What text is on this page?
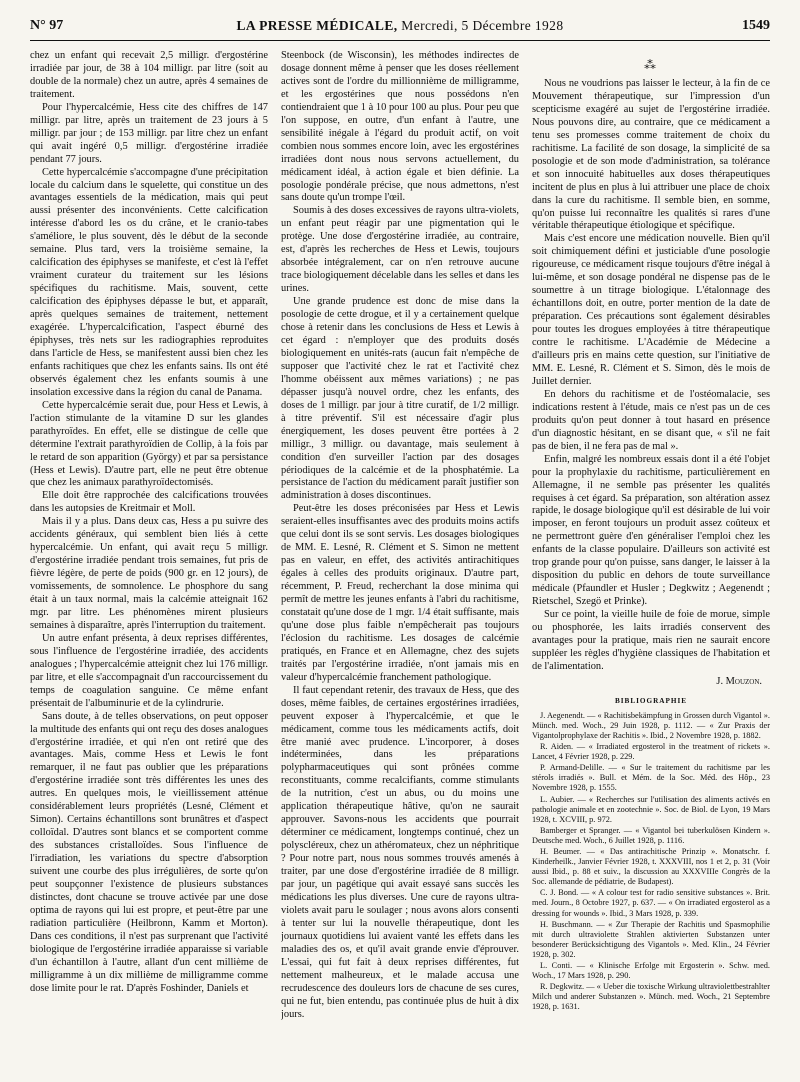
N° 97	LA PRESSE MÉDICALE, Mercredi, 5 Décembre 1928	1549

chez un enfant qui recevait 2,5 milligr. d'ergostérine irradiée par jour, de 38 à 104 milligr. par litre (soit au double de la normale) chez un autre, après 4 semaines de traitement.

Pour l'hypercalcémie, Hess cite des chiffres de 147 milligr. par litre, après un traitement de 23 jours à 5 milligr. par jour ; de 153 milligr. par litre chez un enfant qui avait ingéré 0,5 milligr. d'ergostérine irradiée pendant 77 jours.

Cette hypercalcémie s'accompagne d'une précipitation locale du calcium dans le squelette, qui constitue un des avantages essentiels de la médication, mais qui peut aussi présenter des inconvénients. Cette calcification intéresse d'abord les os du crâne, et le cranio-tabes s'améliore, le plus souvent, dès le début de la seconde semaine. Plus tard, vers la troisième semaine, la calcification des épiphyses se manifeste, et c'est là l'effet vraiment curateur du traitement sur les lésions spécifiques du rachitisme. Mais, souvent, cette calcification des épiphyses dépasse le but, et apparaît, après quelques semaines de traitement, nettement exagérée. L'hypercalcification, l'aspect éburné des épiphyses, très nets sur les radiographies reproduites dans l'article de Hess, se manifestent aussi bien chez les enfants rachitiques que chez les enfants sains. Ils ont été observés également chez les enfants soumis à une insolation excessive dans la région du canal de Panama.

Cette hypercalcémie serait due, pour Hess et Lewis, à l'action stimulante de la vitamine D sur les glandes parathyroïdes. En effet, elle se distingue de celle que détermine l'extrait parathyroïdien de Collip, à la fois par le retard de son apparition (György) et par sa persistance (Hess et Lewis). D'autre part, elle ne peut être obtenue que chez les animaux parathyroïdectomisés.

Elle doit être rapprochée des calcifications trouvées dans les autopsies de Kreitmair et Moll.

Mais il y a plus. Dans deux cas, Hess a pu suivre des accidents généraux, qui semblent bien liés à cette hypercalcémie. Un enfant, qui avait reçu 5 milligr. d'ergostérine irradiée pendant trois semaines, fut pris de fièvre légère, de perte de poids (900 gr. en 12 jours), de vomissements, de somnolence. Le phosphore du sang était à un taux normal, mais la calcémie atteignait 162 mgr. par litre. Les phénomènes mirent plusieurs semaines à disparaître, après l'interruption du traitement.

Un autre enfant présenta, à deux reprises différentes, sous l'influence de l'ergostérine irradiée, des accidents analogues ; l'hypercalcémie atteignit chez lui 176 milligr. par litre, et elle s'accompagnait d'un raccourcissement du temps de coagulation sanguine. Ce même enfant présentait de l'albuminurie et de la cylindrurie.

Sans doute, à de telles observations, on peut opposer la multitude des enfants qui ont reçu des doses analogues d'ergostérine irradiée, et qui n'en ont retiré que des avantages. Mais, comme Hess et Lewis le font remarquer, il ne faut pas oublier que les préparations d'ergostérine irradiée sont très différentes les unes des autres. En quelques mois, le vieillissement atténue considérablement leurs propriétés (Lesné, Clément et Simon). Certains échantillons sont brunâtres et d'aspect colloïdal. D'autres sont blancs et se comportent comme des substances cristalloïdes. Sous l'influence de l'irradiation, les variations du spectre d'absorption suivent une courbe des plus irrégulières, de sorte qu'on peut soupçonner l'existence de plusieurs substances distinctes, dont chacune se trouve activée par une dose optima de rayons qui lui est propre, et peut-être par une radiation particulière (Heilbronn, Kamm et Morton). Dans ces conditions, il n'est pas surprenant que l'activité biologique de l'ergostérine irradiée apparaisse si variable d'un échantillon à l'autre, allant d'un cent millième de milligramme à un dix millième de milligramme comme dose limite pour le rat. D'après Foshinder, Daniels et

Steenbock (de Wisconsin), les méthodes indirectes de dosage donnent même à penser que les doses réellement actives sont de l'ordre du millionnième de milligramme, et les ergostérines que nous possédons n'en contiendraient que 1 à 10 pour 100 au plus. Pour peu que l'on suppose, en outre, d'un enfant à l'autre, une sensibilité inégale à l'égard du produit actif, on voit combien nous sommes encore loin, avec les ergostérines irradiées dont nous nous servons actuellement, du médicament idéal, à action égale et bien définie. La posologie pondérale précise, que nous admettons, n'est sans doute qu'un trompe l'œil.

Soumis à des doses excessives de rayons ultra-violets, un enfant peut réagir par une pigmentation qui le protège. Une dose d'ergostérine irradiée, au contraire, est, d'après les recherches de Hess et Lewis, toujours absorbée intégralement, car on n'en retrouve aucune trace biologiquement décelable dans les selles et dans les urines.

Une grande prudence est donc de mise dans la posologie de cette drogue, et il y a certainement quelque chose à retenir dans les conclusions de Hess et Lewis à cet égard : n'employer que des produits dosés biologiquement en unités-rats (aucun fait n'empêche de supposer que l'activité chez le rat et l'activité chez l'homme obéissent aux mêmes variations) ; ne pas dépasser jusqu'à nouvel ordre, chez les enfants, des doses de 1 milligr. par jour à titre curatif, de 1/2 milligr. à titre préventif. S'il est nécessaire d'agir plus énergiquement, les doses peuvent être portées à 2 milligr., 3 milligr. ou davantage, mais seulement à condition d'en surveiller l'action par des dosages périodiques de la calcémie et de la phosphatémie. La persistance de l'action du médicament paraît justifier son administration à doses discontinues.

Peut-être les doses préconisées par Hess et Lewis seraient-elles insuffisantes avec des produits moins actifs que celui dont ils se sont servis. Les dosages biologiques de MM. E. Lesné, R. Clément et S. Simon ne mettent pas en valeur, en effet, des activités antirachitiques égales à celles des produits originaux. D'autre part, récemment, P. Freud, recherchant la dose minima qui permît de mettre les jeunes enfants à l'abri du rachitisme, constatait qu'une dose de 1 mgr. 1/4 était suffisante, mais qu'une dose plus faible n'empêcherait pas toujours l'éclosion du rachitisme. Les dosages de calcémie pratiqués, en France et en Allemagne, chez des sujets traités par l'ergostérine irradiée, n'ont jamais mis en valeur d'hypercalcémie franchement pathologique.

Il faut cependant retenir, des travaux de Hess, que des doses, même faibles, de certaines ergostérines irradiées, peuvent exposer à l'hypercalcémie, et que le médicament, comme tous les médicaments actifs, doit être manié avec prudence. L'incorporer, à doses indéterminées, dans les préparations polypharmaceutiques qui sont prônées comme reconstituants, comme recalcifiants, comme stimulants de la nutrition, c'est un abus, ou du moins une application thérapeutique hâtive, qu'on ne saurait approuver. Savons-nous les accidents que pourrait déterminer ce médicament, longtemps continué, chez un polyscléreux, chez un athéromateux, chez un néphritique ? Pour notre part, nous nous sommes trouvés amenés à traiter, par une dose d'ergostérine irradiée de 8 milligr. par jour, un pagétique qui avait essayé sans succès les médications les plus diverses. Une cure de rayons ultra-violets avait paru le soulager ; nous avons alors consenti à tenter sur lui la nouvelle thérapeutique, dont les journaux quotidiens lui avaient vanté les effets dans les maladies des os, et qu'il avait grande envie d'éprouver. L'essai, qui fut fait à deux reprises différentes, fut nettement malheureux, et le malade accusa une recrudescence des douleurs lors de chacune de ses cures, qui ne fut, bien entendu, pas continuée plus de huit à dix jours.

⁂

Nous ne voudrions pas laisser le lecteur, à la fin de ce Mouvement thérapeutique, sur l'impression d'un scepticisme exagéré au sujet de l'ergostérine irradiée. Nous pouvons dire, au contraire, que ce médicament a tenu ses promesses comme traitement de choix du rachitisme. La facilité de son dosage, la simplicité de sa posologie et de son mode d'administration, sa tolérance et son innocuité habituelles aux doses thérapeutiques incitent de plus en plus à lui attribuer une place de choix dans la cure du rachitisme. Il semble bien, en somme, qu'on puisse lui reconnaître les qualités si rares d'une véritable thérapeutique étiologique et spécifique.

Mais c'est encore une médication nouvelle. Bien qu'il soit chimiquement défini et justiciable d'une posologie rigoureuse, ce médicament risque toujours d'être inégal à lui-même, et son dosage pondéral ne dispense pas de le soumettre à un titrage biologique. L'étalonnage des échantillons doit, en outre, porter mention de la date de préparation. Ces précautions sont également désirables pour toutes les drogues employées à titre thérapeutique contre le rachitisme. L'Académie de Médecine a d'ailleurs pris en mains cette question, sur l'initiative de MM. E. Lesné, R. Clément et S. Simon, dès le mois de Juillet dernier.

En dehors du rachitisme et de l'ostéomalacie, ses indications restent à l'étude, mais ce n'est pas un de ces produits qu'on peut donner à tout hasard en présence d'un diagnostic hésitant, en se disant que, « s'il ne fait pas de bien, il ne fera pas de mal ».

Enfin, malgré les nombreux essais dont il a été l'objet pour la prophylaxie du rachitisme, particulièrement en Allemagne, il ne semble pas présenter les qualités requises à cet égard. Sa préparation, son altération assez rapide, le dosage biologique qu'il est désirable de lui voir imposer, en feront toujours un produit assez coûteux et ne permettront guère d'en généraliser l'emploi chez les enfants de la classe populaire. D'ailleurs son activité est trop grande pour qu'on puisse, sans danger, le laisser à la disposition du public en dehors de toute surveillance médicale (Pfaundler et Husler ; Degkwitz ; Aegenendt ; Rietschel, Szegö et Prinke).

Sur ce point, la vieille huile de foie de morue, simple ou phosphorée, les laits irradiés conservent des avantages pour la pratique, mais rien ne saurait encore suppléer les règles d'hygiène classiques de l'habitation et de l'alimentation.

J. Mouzon.
BIBLIOGRAPHIE

J. Aegenendt. — « Rachitisbekämpfung in Grossen durch Vigantol ». Münch. med. Woch., 29 Juin 1928, p. 1112. — « Zur Praxis der Vigantolprophylaxe der Rachitis ». Ibid., 2 Novembre 1928, p. 1882.

R. Aiden. — « Irradiated ergosterol in the treatment of rickets ». Lancet, 4 Février 1928, p. 229.

P. Armand-Delille. — « Sur le traitement du rachitisme par les stérols irradiés ». Bull. et Mém. de la Soc. Méd. des Hôp., 23 Novembre 1928, p. 1555.

L. Aubier. — « Recherches sur l'utilisation des aliments activés en pathologie animale et en zootechnie ». Soc. de Biol. de Lyon, 19 Mars 1928, t. XCVIII, p. 972.

Bamberger et Spranger. — « Vigantol bei tuberkulösen Kindern ». Deutsche med. Woch., 6 Juillet 1928, p. 1116.

H. Beumer. — « Das antirachitische Prinzip ». Monatschr. f. Kinderheilk., Janvier Février 1928, t. XXXVIII, nos 1 et 2, p. 31 (Voir aussi Ibid., p. 88 et suiv., la discussion au XXXVIIIe Congrès de la Soc. allemande de pédiatrie, de Budapest).

C. J. Bond. — « A colour test for radio sensitive substances ». Brit. med. Journ., 8 Octobre 1927, p. 637. — « On irradiated ergosterol as a dressing for wounds ». Ibid., 3 Mars 1928, p. 339.

H. Buschmann. — « Zur Therapie der Rachitis und Spasmophilie mit durch ultraviolette Strahlen aktivierten Substanzen unter besonderer Berücksichtigung des Vigantols ». Med. Klin., 24 Février 1928, p. 302.

L. Conti. — « Klinische Erfolge mit Ergosterin ». Schw. med. Woch., 17 Mars 1928, p. 290.

R. Degkwitz. — « Ueber die toxische Wirkung ultraviolettbestrahlter Milch und anderer Substanzen ». Münch. med. Woch., 21 Septembre 1928, p. 1631.
